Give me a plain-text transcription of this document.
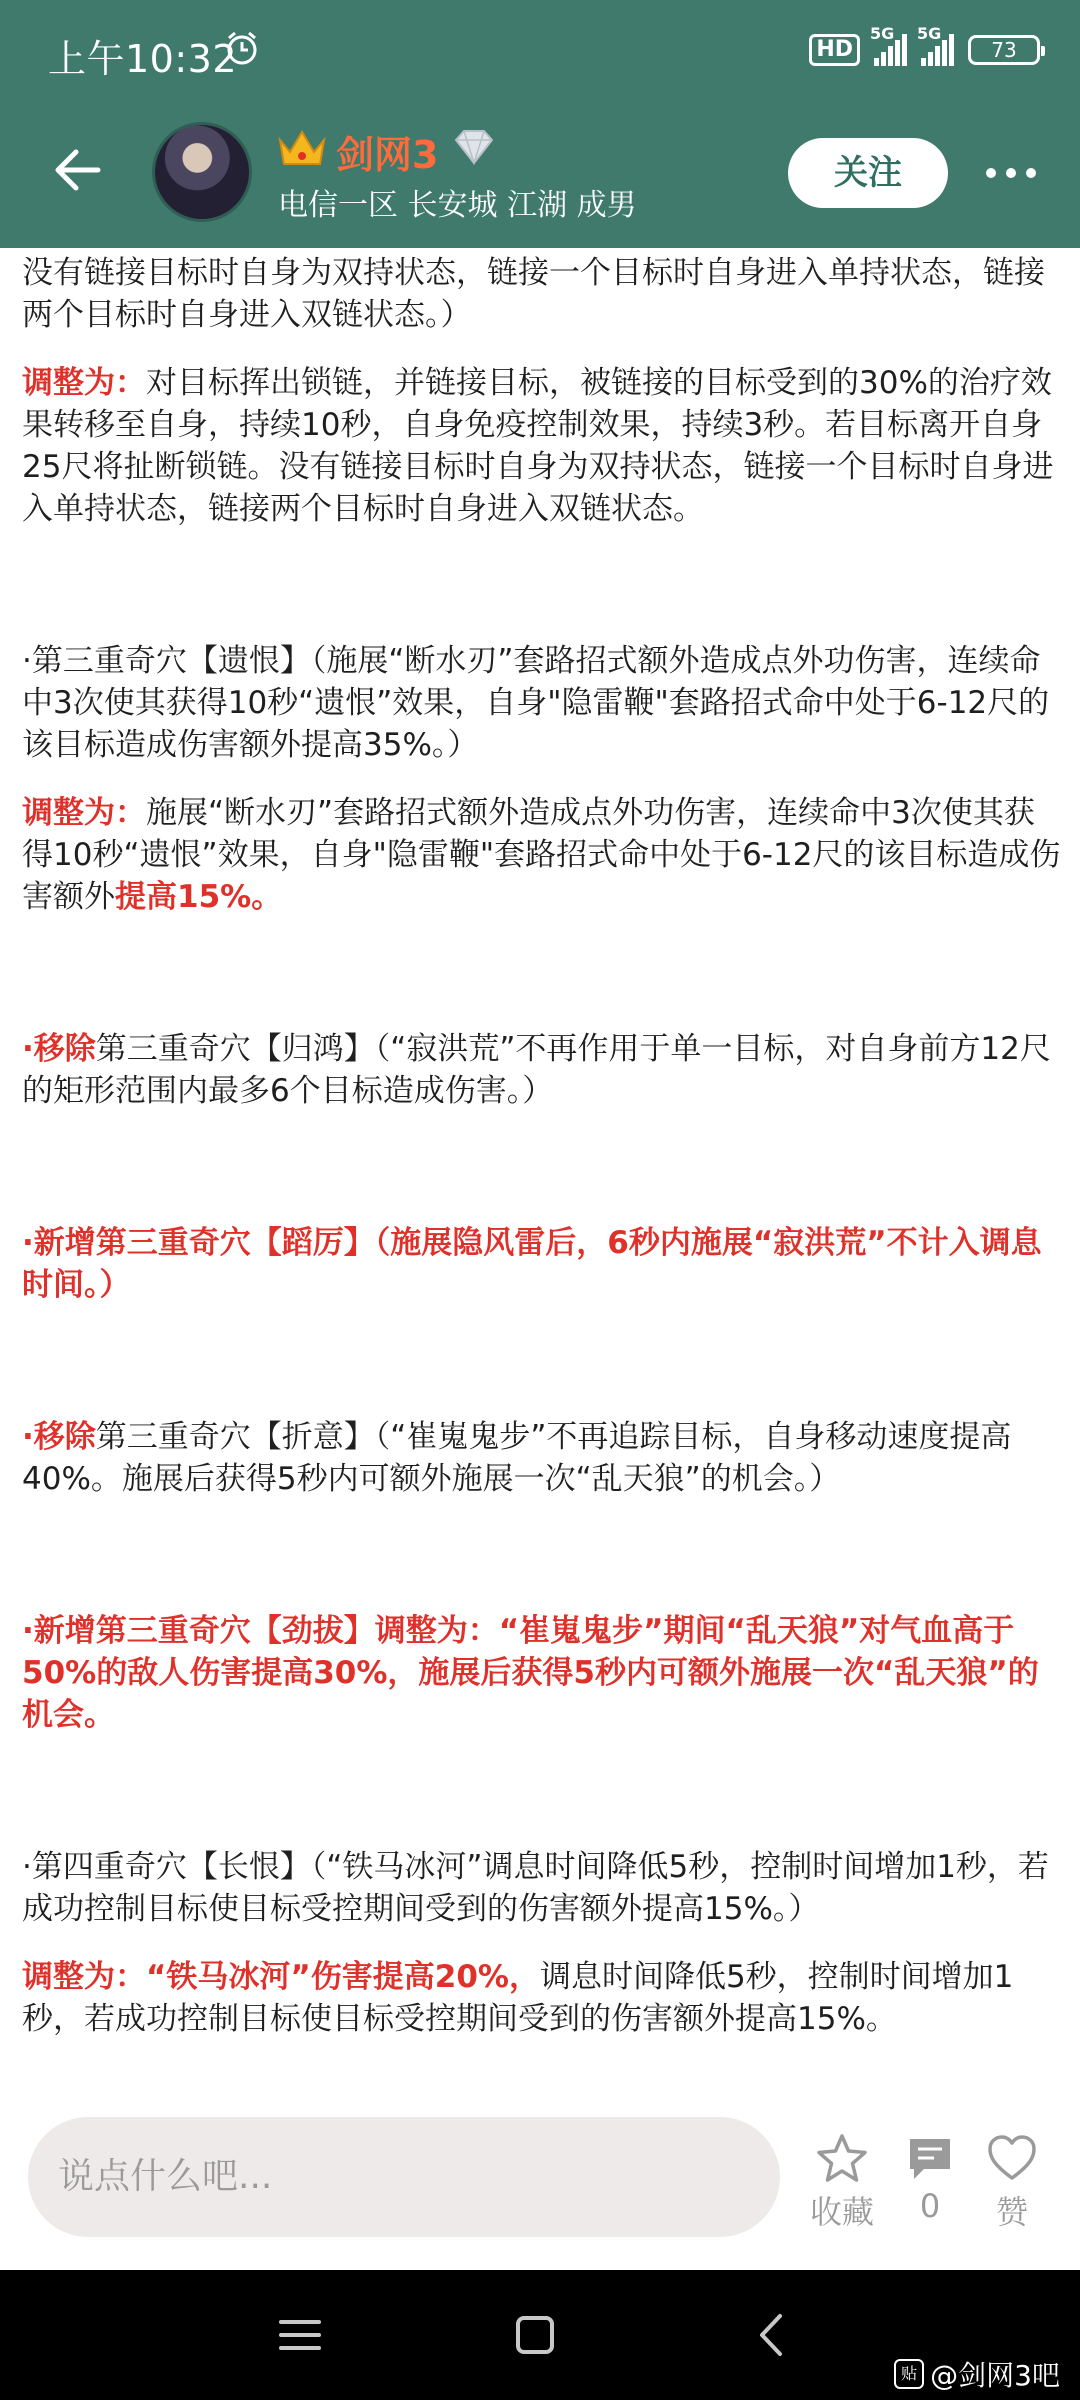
上午10:32	HD
5G 5G
73
剑网3
电信一区 长安城 江湖 成男
关注

没有链接目标时自身为双持状态，链接一个目标时自身进入单持状态，链接两个目标时自身进入双链状态。）

调整为：对目标挥出锁链，并链接目标，被链接的目标受到的30%的治疗效果转移至自身，持续10秒，自身免疫控制效果，持续3秒。若目标离开自身25尺将扯断锁链。没有链接目标时自身为双持状态，链接一个目标时自身进入单持状态，链接两个目标时自身进入双链状态。

·第三重奇穴【遗恨】（施展“断水刃”套路招式额外造成点外功伤害，连续命中3次使其获得10秒“遗恨”效果，自身"隐雷鞭"套路招式命中处于6-12尺的该目标造成伤害额外提高35%。）

调整为：施展“断水刃”套路招式额外造成点外功伤害，连续命中3次使其获得10秒“遗恨”效果，自身"隐雷鞭"套路招式命中处于6-12尺的该目标造成伤害额外提高15%。

·移除第三重奇穴【归鸿】（“寂洪荒”不再作用于单一目标，对自身前方12尺的矩形范围内最多6个目标造成伤害。）

·新增第三重奇穴【蹈厉】（施展隐风雷后，6秒内施展“寂洪荒”不计入调息时间。）

·移除第三重奇穴【折意】（“崔嵬鬼步”不再追踪目标，自身移动速度提高40%。施展后获得5秒内可额外施展一次“乱天狼”的机会。）

·新增第三重奇穴【劲拔】调整为：“崔嵬鬼步”期间“乱天狼”对气血高于50%的敌人伤害提高30%，施展后获得5秒内可额外施展一次“乱天狼”的机会。

·第四重奇穴【长恨】（“铁马冰河”调息时间降低5秒，控制时间增加1秒，若成功控制目标使目标受控期间受到的伤害额外提高15%。）

调整为：“铁马冰河”伤害提高20%，调息时间降低5秒，控制时间增加1秒，若成功控制目标使目标受控期间受到的伤害额外提高15%。

说点什么吧...
收藏	0	赞
贴 @剑网3吧
